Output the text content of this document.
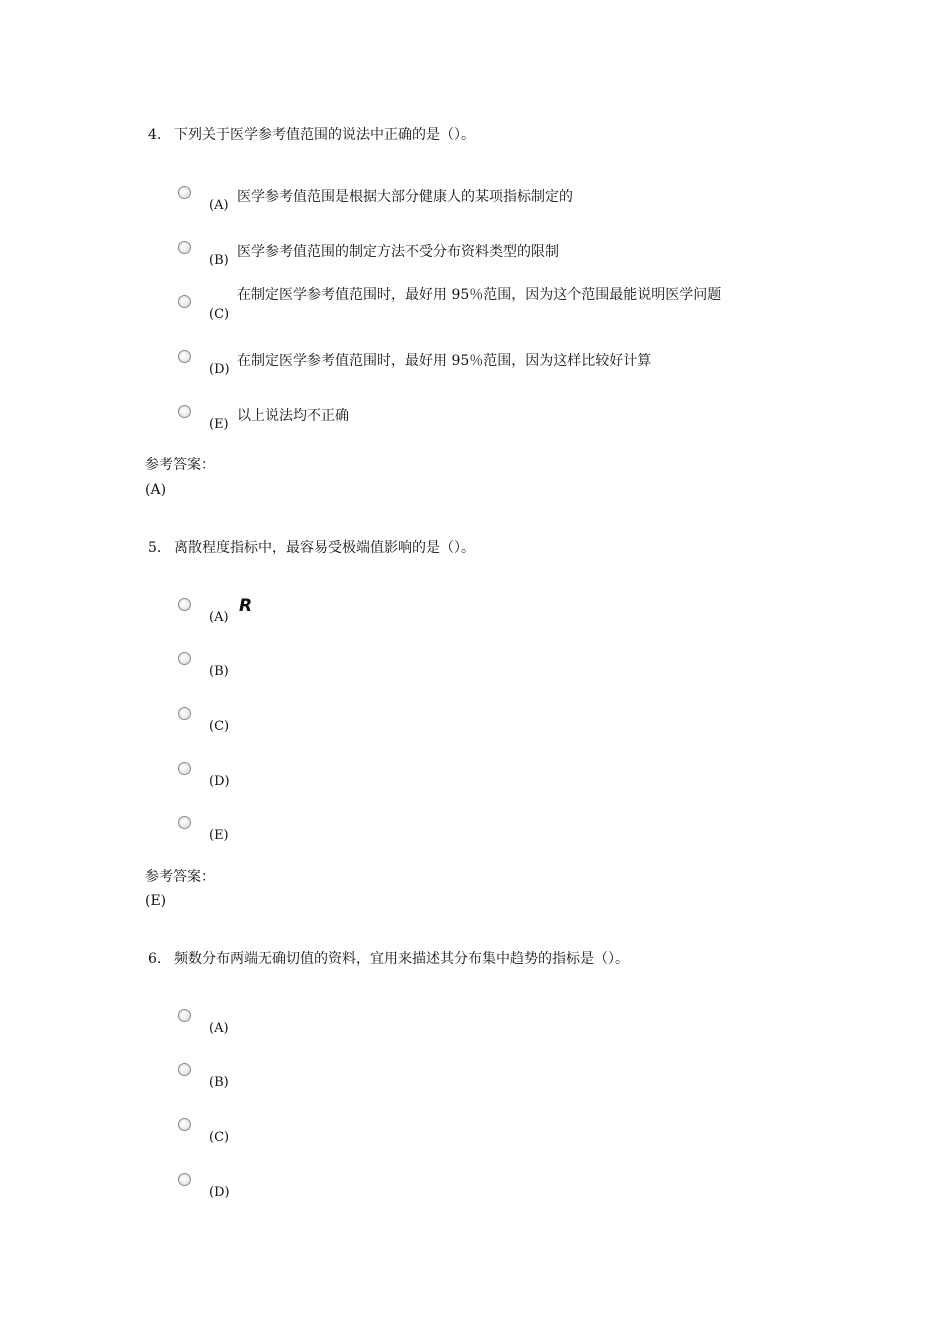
4. 下列关于医学参考值范围的说法中正确的是（）。
(A)
医学参考值范围是根据大部分健康人的某项指标制定的
(B)
医学参考值范围的制定方法不受分布资料类型的限制
(C)
在制定医学参考值范围时，最好用 95％范围，因为这个范围最能说明医学问题
(D)
在制定医学参考值范围时，最好用 95％范围，因为这样比较好计算
(E)
以上说法均不正确
参考答案：
(A)
5. 离散程度指标中，最容易受极端值影响的是（）。
(A)
R
(B)
(C)
(D)
(E)
参考答案：
(E)
6. 频数分布两端无确切值的资料，宜用来描述其分布集中趋势的指标是（）。
(A)
(B)
(C)
(D)
